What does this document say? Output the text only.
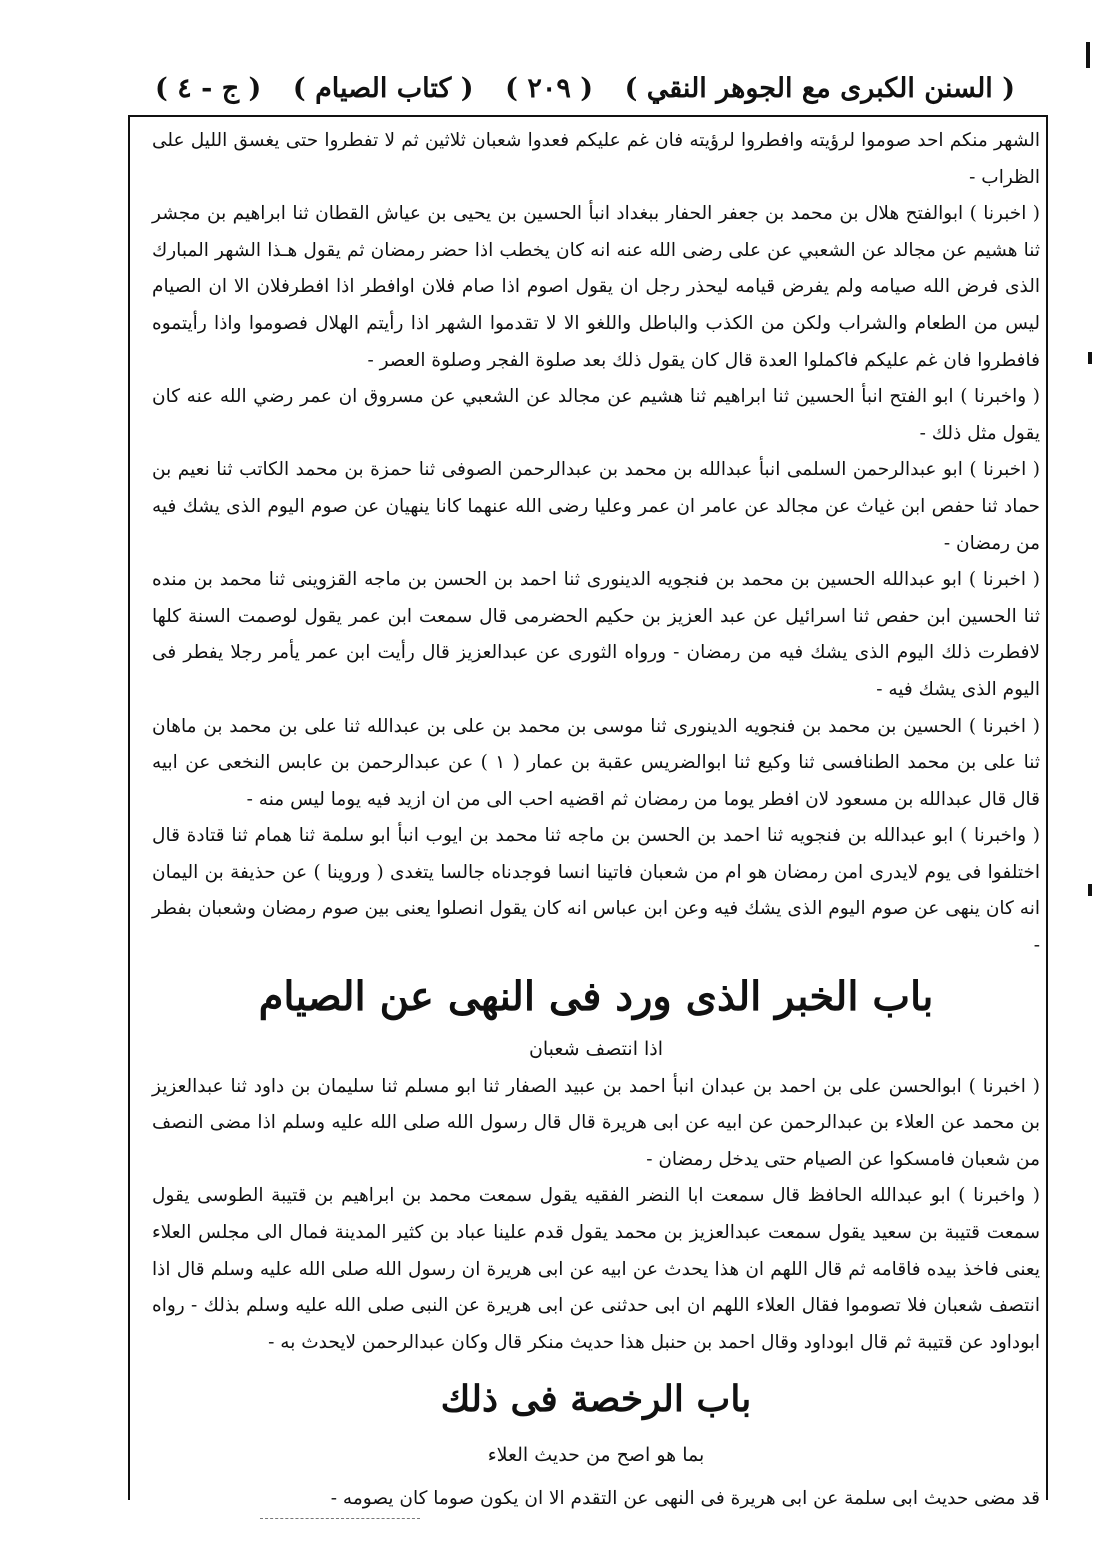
( السنن الكبرى مع الجوهر النقي )
( ٢٠٩ )
( كتاب الصيام )
( ج - ٤ )

الشهر منكم احد صوموا لرؤيته وافطروا لرؤيته فان غم عليكم فعدوا شعبان ثلاثين ثم لا تفطروا حتى يغسق الليل على الظراب -

( اخبرنا ) ابوالفتح هلال بن محمد بن جعفر الحفار ببغداد انبأ الحسين بن يحيى بن عياش القطان ثنا ابراهيم بن مجشر ثنا هشيم عن مجالد عن الشعبي عن على رضى الله عنه انه كان يخطب اذا حضر رمضان ثم يقول هـذا الشهر المبارك الذى فرض الله صيامه ولم يفرض قيامه ليحذر رجل ان يقول اصوم اذا صام فلان اوافطر اذا افطرفلان الا ان الصيام ليس من الطعام والشراب ولكن من الكذب والباطل واللغو الا لا تقدموا الشهر اذا رأيتم الهلال فصوموا واذا رأيتموه فافطروا فان غم عليكم فاكملوا العدة قال كان يقول ذلك بعد صلوة الفجر وصلوة العصر -

( واخبرنا ) ابو الفتح انبأ الحسين ثنا ابراهيم ثنا هشيم عن مجالد عن الشعبي عن مسروق ان عمر رضي الله عنه كان يقول مثل ذلك -

( اخبرنا ) ابو عبدالرحمن السلمى انبأ عبدالله بن محمد بن عبدالرحمن الصوفى ثنا حمزة بن محمد الكاتب ثنا نعيم بن حماد ثنا حفص ابن غياث عن مجالد عن عامر ان عمر وعليا رضى الله عنهما كانا ينهيان عن صوم اليوم الذى يشك فيه من رمضان -

( اخبرنا ) ابو عبدالله الحسين بن محمد بن فنجويه الدينورى ثنا احمد بن الحسن بن ماجه القزوينى ثنا محمد بن منده ثنا الحسين ابن حفص ثنا اسرائيل عن عبد العزيز بن حكيم الحضرمى قال سمعت ابن عمر يقول لوصمت السنة كلها لافطرت ذلك اليوم الذى يشك فيه من رمضان - ورواه الثورى عن عبدالعزيز قال رأيت ابن عمر يأمر رجلا يفطر فى اليوم الذى يشك فيه -

( اخبرنا ) الحسين بن محمد بن فنجويه الدينورى ثنا موسى بن محمد بن على بن عبدالله ثنا على بن محمد بن ماهان ثنا على بن محمد الطنافسى ثنا وكيع ثنا ابوالضريس عقبة بن عمار ( ١ ) عن عبدالرحمن بن عابس النخعى عن ابيه قال قال عبدالله بن مسعود لان افطر يوما من رمضان ثم اقضيه احب الى من ان ازيد فيه يوما ليس منه -

( واخبرنا ) ابو عبدالله بن فنجويه ثنا احمد بن الحسن بن ماجه ثنا محمد بن ايوب انبأ ابو سلمة ثنا همام ثنا قتادة قال اختلفوا فى يوم لايدرى امن رمضان هو ام من شعبان فاتينا انسا فوجدناه جالسا يتغدى ( وروينا ) عن حذيفة بن اليمان انه كان ينهى عن صوم اليوم الذى يشك فيه وعن ابن عباس انه كان يقول انصلوا يعنى بين صوم رمضان وشعبان بفطر -

باب الخبر الذى ورد فى النهى عن الصيام

اذا انتصف شعبان

( اخبرنا ) ابوالحسن على بن احمد بن عبدان انبأ احمد بن عبيد الصفار ثنا ابو مسلم ثنا سليمان بن داود ثنا عبدالعزيز بن محمد عن العلاء بن عبدالرحمن عن ابيه عن ابى هريرة قال قال رسول الله صلى الله عليه وسلم اذا مضى النصف من شعبان فامسكوا عن الصيام حتى يدخل رمضان -

( واخبرنا ) ابو عبدالله الحافظ قال سمعت ابا النضر الفقيه يقول سمعت محمد بن ابراهيم بن قتيبة الطوسى يقول سمعت قتيبة بن سعيد يقول سمعت عبدالعزيز بن محمد يقول قدم علينا عباد بن كثير المدينة فمال الى مجلس العلاء يعنى فاخذ بيده فاقامه ثم قال اللهم ان هذا يحدث عن ابيه عن ابى هريرة ان رسول الله صلى الله عليه وسلم قال اذا انتصف شعبان فلا تصوموا فقال العلاء اللهم ان ابى حدثنى عن ابى هريرة عن النبى صلى الله عليه وسلم بذلك - رواه ابوداود عن قتيبة ثم قال ابوداود وقال احمد بن حنبل هذا حديث منكر قال وكان عبدالرحمن لايحدث به -

باب الرخصة فى ذلك

بما هو اصح من حديث العلاء

قد مضى حديث ابى سلمة عن ابى هريرة فى النهى عن التقدم الا ان يكون صوما كان يصومه -
